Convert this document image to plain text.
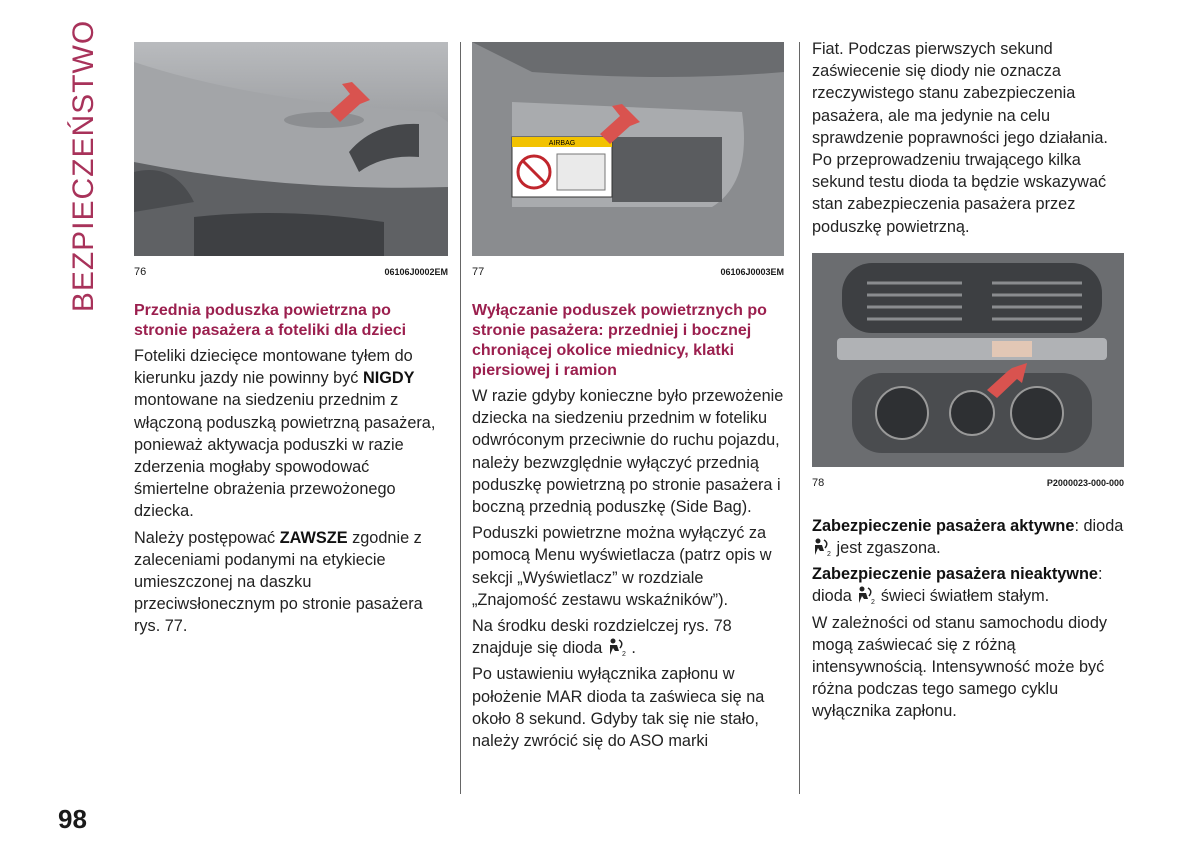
BEZPIECZEŃSTWO
98
76	06106J0002EM
Przednia poduszka powietrzna po stronie pasażera a foteliki dla dzieci

Foteliki dziecięce montowane tyłem do kierunku jazdy nie powinny być NIGDY montowane na siedzeniu przednim z włączoną poduszką powietrzną pasażera, ponieważ aktywacja poduszki w razie zderzenia mogłaby spowodować śmiertelne obrażenia przewożonego dziecka.

Należy postępować ZAWSZE zgodnie z zaleceniami podanymi na etykiecie umieszczonej na daszku przeciwsłonecznym po stronie pasażera rys. 77.

AIRBAG
77	06106J0003EM
Wyłączanie poduszek powietrznych po stronie pasażera: przedniej i bocznej chroniącej okolice miednicy, klatki piersiowej i ramion

W razie gdyby konieczne było przewożenie dziecka na siedzeniu przednim w foteliku odwróconym przeciwnie do ruchu pojazdu, należy bezwzględnie wyłączyć przednią poduszkę powietrzną po stronie pasażera i boczną przednią poduszkę (Side Bag).

Poduszki powietrzne można wyłączyć za pomocą Menu wyświetlacza (patrz opis w sekcji „Wyświetlacz” w rozdziale „Znajomość zestawu wskaźników”).

Na środku deski rozdzielczej rys. 78 znajduje się dioda 2 .

Po ustawieniu wyłącznika zapłonu w położenie MAR dioda ta zaświeca się na około 8 sekund. Gdyby tak się nie stało, należy zwrócić się do ASO marki

Fiat. Podczas pierwszych sekund zaświecenie się diody nie oznacza rzeczywistego stanu zabezpieczenia pasażera, ale ma jedynie na celu sprawdzenie poprawności jego działania. Po przeprowadzeniu trwającego kilka sekund testu dioda ta będzie wskazywać stan zabezpieczenia pasażera przez poduszkę powietrzną.

78	P2000023-000-000

Zabezpieczenie pasażera aktywne: dioda
2 jest zgaszona.

Zabezpieczenie pasażera nieaktywne: dioda 2 świeci światłem stałym.

W zależności od stanu samochodu diody mogą zaświecać się z różną intensywnością. Intensywność może być różna podczas tego samego cyklu wyłącznika zapłonu.
